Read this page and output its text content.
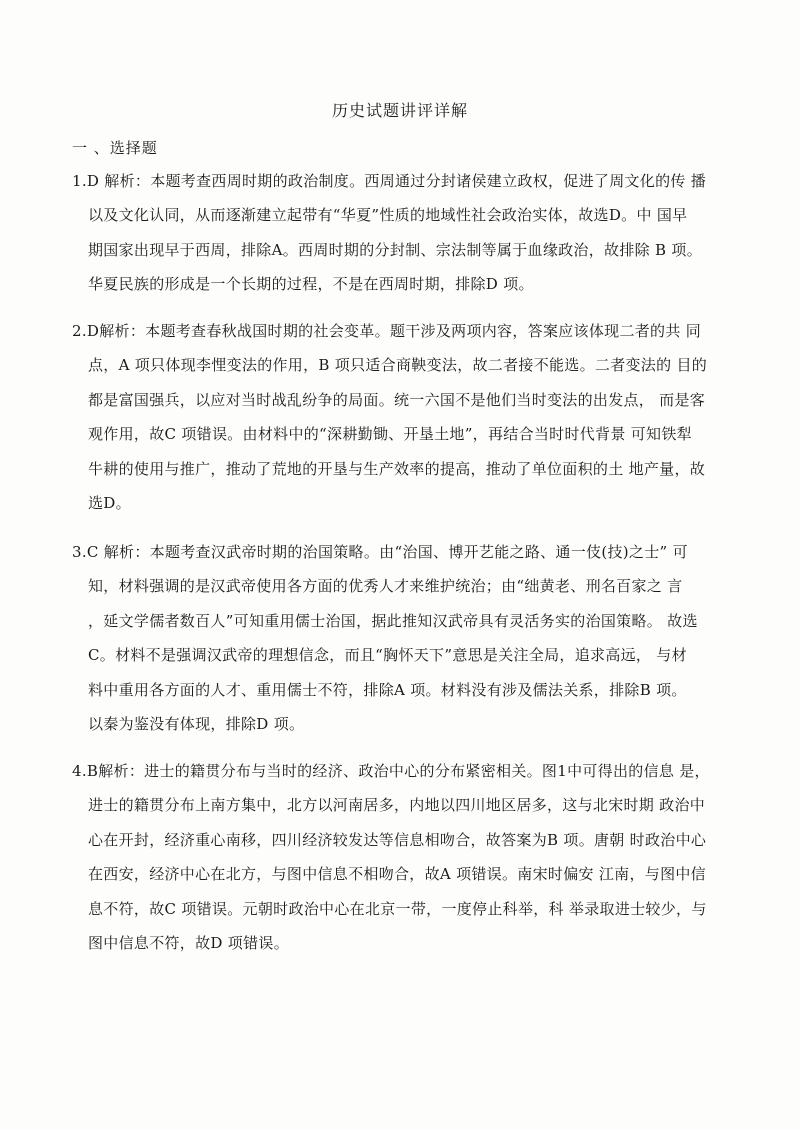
历史试题讲评详解
一 、选择题
1.D 解析：本题考查西周时期的政治制度。西周通过分封诸侯建立政权，促进了周文化的传 播
以及文化认同，从而逐渐建立起带有“华夏”性质的地域性社会政治实体，故选D。中 国早
期国家出现早于西周，排除A。西周时期的分封制、宗法制等属于血缘政治，故排除 B 项。
华夏民族的形成是一个长期的过程，不是在西周时期，排除D 项。
2.D解析：本题考查春秋战国时期的社会变革。题干涉及两项内容，答案应该体现二者的共 同
点，A 项只体现李悝变法的作用，B 项只适合商鞅变法，故二者接不能选。二者变法的 目的
都是富国强兵，以应对当时战乱纷争的局面。统一六国不是他们当时变法的出发点， 而是客
观作用，故C 项错误。由材料中的“深耕勤锄、开垦土地”，再结合当时时代背景 可知铁犁
牛耕的使用与推广，推动了荒地的开垦与生产效率的提高，推动了单位面积的土 地产量，故
选D。
3.C 解析：本题考查汉武帝时期的治国策略。由“治国、博开艺能之路、通一伎(技)之士” 可
知，材料强调的是汉武帝使用各方面的优秀人才来维护统治；由“绌黄老、刑名百家之 言
，延文学儒者数百人”可知重用儒士治国，据此推知汉武帝具有灵活务实的治国策略。 故选
C。材料不是强调汉武帝的理想信念，而且“胸怀天下”意思是关注全局，追求高远， 与材
料中重用各方面的人才、重用儒士不符，排除A 项。材料没有涉及儒法关系，排除B 项。
以秦为鉴没有体现，排除D 项。
4.B解析：进士的籍贯分布与当时的经济、政治中心的分布紧密相关。图1中可得出的信息 是，
进士的籍贯分布上南方集中，北方以河南居多，内地以四川地区居多，这与北宋时期 政治中
心在开封，经济重心南移，四川经济较发达等信息相吻合，故答案为B 项。唐朝 时政治中心
在西安，经济中心在北方，与图中信息不相吻合，故A 项错误。南宋时偏安 江南，与图中信
息不符，故C 项错误。元朝时政治中心在北京一带，一度停止科举，科 举录取进士较少，与
图中信息不符，故D 项错误。
